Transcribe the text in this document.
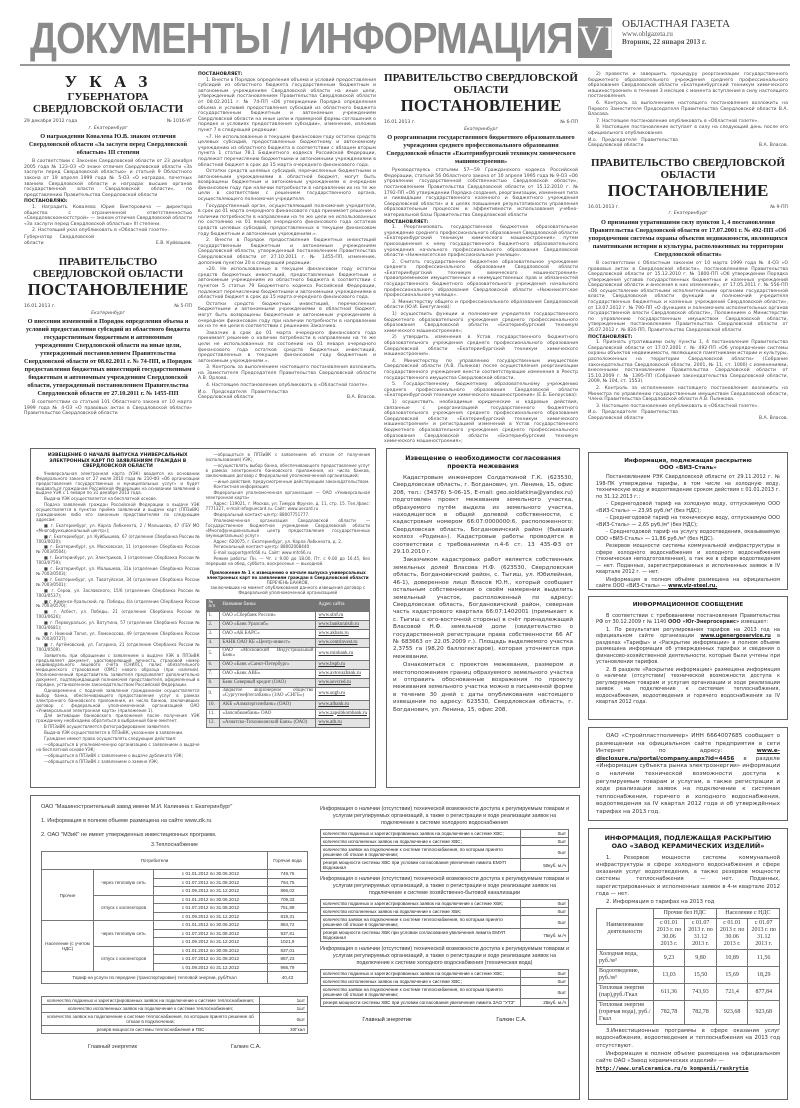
ДОКУМЕНТЫ / ИНФОРМАЦИЯ VI ОБЛАСТНАЯ ГАЗЕТА
www.oblgazeta.ru
Вторник, 22 января 2013 г.
У К А З
ГУБЕРНАТОРА СВЕРДЛОВСКОЙ ОБЛАСТИ
29 декабря 2012 года	№ 1016-УГ
г. Екатеринбург
О награждении Ковалева Ю.В. знаком отличия Свердловской области «За заслуги перед Свердловской областью» III степени
В соответствии с Законом Свердловской области от 23 декабря 2005 года № 123-ОЗ «О знаке отличия Свердловской области «За заслуги перед Свердловской областью» и статьей 9 Областного закона от 19 апреля 1999 года № 5-ОЗ «О наградах, почетных званиях Свердловской области и наградах высших органов государственной власти Свердловской области», по представлению Правительства Свердловской области
ПОСТАНОВЛЯЮ:
1. Наградить Ковалева Юрия Викторовича — директора общества с ограниченной ответственностью «Свердловскоеностстрой» — знаком отличия Свердловской области «За заслуги перед Свердловской областью» III степени.
2. Настоящий указ опубликовать в «Областной газете».
Губернатор Свердловской области	Е.В. Куйвашев.
ПРАВИТЕЛЬСТВО СВЕРДЛОВСКОЙ ОБЛАСТИ
ПОСТАНОВЛЕНИЕ
16.01.2013 г.	№ 5-ПП
Екатеринбург
О внесении изменений в Порядок определения объема и условий предоставления субсидий из областного бюджета государственным бюджетным и автономным учреждениям Свердловской области на иные цели, утвержденный постановлением Правительства Свердловской области от 08.02.2011 г. № 74-ПП, и Порядок предоставления бюджетных инвестиций государственным бюджетным и автономным учреждениям Свердловской области, утвержденный постановлением Правительства Свердловской области от 27.10.2011 г. № 1455-ПП
В соответствии со статьей 101 Областного закона от 10 марта 1999 года № 4-ОЗ «О правовых актах в Свердловской области» Правительство Свердловской области
ПОСТАНОВЛЯЕТ:
1. Внести в Порядок определения объема и условий предоставления субсидий из областного бюджета государственным бюджетным и автономным учреждениям Свердловской области на иные цели, утвержденный постановлением Правительства Свердловской области от 08.02.2011 г. № 74-ПП «Об утверждении Порядка определения объема и условий предоставления субсидий из областного бюджета государственным бюджетным и автономным учреждениям Свердловской области на иные цели и примерной формы соглашения о порядке и условиях предоставления субсидии», изменение, изложив пункт 7 в следующей редакции:
«7. Не использованные в текущем финансовом году остатки средств целевых субсидий, предоставленных бюджетному и автономному учреждению из областного бюджета в соответствии с абзацем вторым пункта 1 статьи 78.1 Бюджетного кодекса Российской Федерации, подлежат перечислению бюджетными и автономными учреждениями в областной бюджет в срок до 15 марта очередного финансового года.
Остатки средств целевых субсидий, перечисленные бюджетными и автономными учреждениями в областной бюджет, могут быть возвращены бюджетным и автономным учреждениям в очередном финансовом году при наличии потребности в направлении их на те же цели в соответствии с решением государственного органа, осуществляющего полномочия учредителя.
Государственный орган, осуществляющий полномочия учредителя, в срок до 01 марта очередного финансового года принимает решение о наличии потребности в направлении на те же цели не использованных по состоянию на 01 января очередного финансового года остатков средств целевых субсидий, предоставленных в текущем финансовом году бюджетным и автономным учреждениям.».
2. Внести в Порядок предоставления бюджетных инвестиций государственным бюджетным и автономным учреждениям Свердловской области, утвержденный постановлением Правительства Свердловской области от 27.10.2011 г. № 1455-ПП, изменение, дополнив пунктом 20 в следующей редакции:
«20. Не использованные в текущем финансовом году остатки средств бюджетных инвестиций, предоставленные бюджетным и автономным учреждениям из областного бюджета в соответствии с пунктом 5 статьи 79 Бюджетного кодекса Российской Федерации, подлежат перечислению бюджетными и автономными учреждениями в областной бюджет в срок до 15 марта очередного финансового года.
Остатки средств бюджетных инвестиций, перечисленные бюджетными и автономными учреждениями в областной бюджет, могут быть возвращены бюджетным и автономным учреждениям в очередном финансовом году при наличии потребности в направлении их на те же цели в соответствии с решением Заказчика.
Заказчик в срок до 01 марта очередного финансового года принимает решение о наличии потребности в направлении на те же цели не использованных по состоянию на 01 января очередного финансового года остатков средств бюджетных инвестиций, предоставленных в текущем финансовом году бюджетным и автономным учреждениям.».
3. Контроль за выполнением настоящего постановления возложить на Заместителя Председателя Правительства Свердловской области А.В. Орлова.
4. Настоящее постановление опубликовать в «Областной газете».
И.о. Председателя Правительства Свердловской области	В.А. Власов.
ПРАВИТЕЛЬСТВО СВЕРДЛОВСКОЙ ОБЛАСТИ
ПОСТАНОВЛЕНИЕ
16.01.2013 г.	№ 6-ПП
Екатеринбург
О реорганизации государственного бюджетного образовательного учреждения среднего профессионального образования Свердловской области «Екатеринбургский техникум химического машиностроения»
Руководствуясь статьями 57—59 Гражданского кодекса Российской Федерации, статьей 56 Областного закона от 10 апреля 1995 года № 9-ОЗ «Об управлении государственной собственностью Свердловской области», постановлением Правительства Свердловской области от 15.12.2010 г. № 1792-ПП «Об утверждении Порядка создания, реорганизации, изменения типа и ликвидации государственного казенного и бюджетного учреждения Свердловской области» и в целях повышения результативности управления образовательным процессом и эффективности использования учебно-материальной базы Правительство Свердловской области
ПОСТАНОВЛЯЕТ:
1. Реорганизовать государственное бюджетное образовательное учреждение среднего профессионального образования Свердловской области «Екатеринбургский техникум химического машиностроения» путем присоединения к нему государственного бюджетного образовательного учреждения начального профессионального образования Свердловской области «Нижнеисетское профессиональное училище».
2. Считать государственное бюджетное образовательное учреждение среднего профессионального образования Свердловской области «Екатеринбургский техникум химического машиностроения» правопреемником имущественных и неимущественных прав и обязанностей государственного бюджетного образовательного учреждения начального профессионального образования Свердловской области «Нижнеисетское профессиональное училище».
3. Министерству общего и профессионального образования Свердловской области (Ю.И. Биктуганов):
1) осуществить функции и полномочия учредителя государственного бюджетного образовательного учреждения среднего профессионального образования Свердловской области «Екатеринбургский техникум химического машиностроения»;
2) утвердить изменения в Устав государственного бюджетного образовательного учреждения среднего профессионального образования Свердловской области «Екатеринбургский техникум химического машиностроения».
4. Министерству по управлению государственным имуществом Свердловской области (А.В. Пьянков) после осуществления реорганизации государственного учреждения внести соответствующие изменения в Реестр государственного имущества Свердловской области.
5. Государственному бюджетному образовательному учреждению среднего профессионального образования Свердловской области «Екатеринбургский техникум химического машиностроения» (Е.Б. Белоусова):
1) осуществить необходимые юридические и кадровые действия, связанные с реорганизацией государственного бюджетного образовательного учреждения среднего профессионального образования Свердловской области «Екатеринбургский техникум химического машиностроения» и регистрацией изменений в Устав государственного бюджетного образовательного учреждения среднего профессионального образования Свердловской области «Екатеринбургский техникум химического машиностроения»;
2) провести и завершить процедуру реорганизации государственного бюджетного образовательного учреждения среднего профессионального образования Свердловской области «Екатеринбургский техникум химического машиностроения» в течение 3 месяцев с момента вступления в силу настоящего постановления.
6. Контроль за выполнением настоящего постановления возложить на Первого Заместителя Председателя Правительства Свердловской области В.А. Власова.
7. Настоящее постановление опубликовать в «Областной газете».
8. Настоящее постановление вступает в силу на следующий день после его официального опубликования.
И.о. Председателя Правительства Свердловской области	В.А. Власов.
ПРАВИТЕЛЬСТВО СВЕРДЛОВСКОЙ ОБЛАСТИ
ПОСТАНОВЛЕНИЕ
16.01.2013 г.	№ 9-ПП
г. Екатеринбург
О признании утратившими силу пунктов 1, 4 постановления Правительства Свердловской области от 17.07.2001 г. № 492-ПП «Об упорядочении системы охраны объектов недвижимости, являющихся памятниками истории и культуры, расположенных на территории Свердловской области»
В соответствии с Областным законом от 10 марта 1999 года № 4-ОЗ «О правовых актах в Свердловской области», постановлениями Правительства Свердловской области от 15.12.2010 г. № 1800-ПП «Об утверждении Порядка утверждения уставов государственных бюджетных и казенных учреждений Свердловской области и внесения в них изменений», от 17.05.2011 г. № 556-ПП «Об осуществлении областными исполнительными органами государственной власти Свердловской области функций и полномочий учредителя государственных бюджетных и казенных учреждений Свердловской области», от 13.07.2012 г. № 790-ПП «О функциях и полномочиях исполнительных органов государственной власти Свердловской области», Положением о Министерстве по управлению государственным имуществом Свердловской области, утвержденным постановлением Правительства Свердловской области от 26.07.2012 г. № 824-ПП, Правительство Свердловской области
ПОСТАНОВЛЯЕТ:
1. Признать утратившими силу пункты 1, 4 постановления Правительства Свердловской области от 17.07.2001 г. № 492-ПП «Об упорядочении системы охраны объектов недвижимости, являющихся памятниками истории и культуры, расположенных на территории Свердловской области» (Собрание законодательства Свердловской области, 2001, № 11, ст. 1000) с изменениями, внесенными постановлением Правительства Свердловской области от 15.10.2009 г. № 1395-ПП (Собрание законодательства Свердловской области, 2009, № 104, ст. 1553).
2. Контроль за исполнением настоящего постановления возложить на Министра по управлению государственным имуществом Свердловской области, Члена Правительства Свердловской области А.В. Пьянкова.
3. Настоящее постановление опубликовать в «Областной газете».
И.о. Председателя Правительства Свердловской области	В.А. Власов.
ИЗВЕЩЕНИЕ О НАЧАЛЕ ВЫПУСКА УНИВЕРСАЛЬНЫХ ЭЛЕКТРОННЫХ КАРТ ПО ЗАЯВЛЕНИЯМ ГРАЖДАН В СВЕРДЛОВСКОЙ ОБЛАСТИ
Универсальная электронная карта (УЭК) вводится на основании Федерального закона от 27 июля 2010 года № 210-ФЗ «Об организации предоставления государственных и муниципальных услуг» и будет выдаваться гражданам Российской Федерации на основании заявлений о выдаче УЭК с 1 января по 31 декабря 2013 года.
Выдача УЭК осуществляется на бесплатной основе.
Подача заявлений граждан Российской Федерации о выдаче УЭК осуществляется в пунктах приёма заявлений и выдачи карт (ППЗиВК) гражданином либо его законным представителем по следующим адресам:
■ г. Екатеринбург, ул. Карла Либкнехта, 2 / Малышева, 47 (ГБУ МО «Многофункциональный центр»);
■ г. Екатеринбург, ул. Куйбышева, 67 (отделение Сбербанка России № 7003/0020);
■ г. Екатеринбург, ул. Московская, 11 (отделение Сбербанка России № 7003/0504);
■ г. Екатеринбург, ул. Электриков, 3 (отделение Сбербанка России № 7003/0759);
■ г. Екатеринбург, ул. Малышева, 31в (отделение Сбербанка России № 7003/0503);
■ г. Екатеринбург, ул. Таватуйская, 34 (отделение Сбербанка России № 7003/0501);
■ г. Серов, ул. Заславского, 15/б (отделение Сбербанка России № 7003/0537);
■ г. Каменск-Уральский, пр. Победы, 4/а (отделение Сбербанка России № 7003/0570);
■ г. Асбест, ул. Победы, 21 (отделение Сбербанка России № 7003/0626);
■ г. Первоуральск, ул. Ватутина, 57 (отделение Сбербанка России № 7003/0681);
■ г. Нижний Тагил, ул. Ломоносова, 49 (отделение Сбербанка России № 7003/0727);
■ г. Артёмовский, ул. Гагарина, 21 (отделение Сбербанка России № 7003/0509).
Заявитель при обращении с заявлением о выдаче УЭК в ППЗиВК предъявляет документ, удостоверяющий личность, страховой номер индивидуального лицевого счёта (СНИЛС), полис обязательного медицинского страхования (ОМС) нового образца (при наличии). Уполномоченный представитель заявителя предъявляет дополнительно документ, подтверждающий полномочия представителя, оформленный в порядке, установленном законодательством Российской Федерации.
Одновременно с подачей заявления гражданином осуществляется выбор банка, обеспечивающего предоставление услуг в рамках электронного банковского приложения, из числа банков, заключивших договор с федеральной уполномоченной организацией ОАО «Универсальная электронная карта» (приложение 1).
Для активации банковского приложения после получения УЭК гражданину необходимо обратиться в выбранный банк-эмитент.
В ППЗиВК осуществляется фотографирование заявителя.
Выдача УЭК осуществляется в ППЗиВК, указанном в заявлении.
Граждане имеют право осуществлять следующие действия:
—обращаться в уполномоченную организацию с заявлением о выдаче на бесплатной основе УЭК;
—обращаться в ППЗиВК с заявлением о выдаче дубликата УЭК;
—обращаться в ППЗиВК с заявлением о замене УЭК;
—обращаться в ППЗиВК с заявлением об отказе от получения (использования) УЭК;
—осуществлять выбор банка, обеспечивающего предоставление услуг в рамках электронного банковского приложения, из числа банков, заключивших договор с Федеральной уполномоченной организацией;
—иные действия, предусмотренные действующим законодательством.
Контактная информация:
Федеральная уполномоченная организация — ОАО «Универсальная электронная карта»
Адрес: 119021, г. Москва, ул. Тимура Фрунзе, д. 11, стр. 15. Тел./факс: 7771327, e-mail:info@uecard.ru. Сайт: www.uecard.ru
Федеральный контакт-центр: 88007751777.
Уполномоченная организация Свердловской области — Государственное бюджетное учреждение Свердловской области «Многофункциональный центр предоставления государственных (муниципальных) услуг»
Адрес: 620075, г. Екатеринбург, ул. Карла Либкнехта, д. 2.
Региональный контакт-центр: 88002008440
E-mail:support@mfc66.ru. Сайт: www.mfc66.ru
Режим работы: Пн. — Чт. с 9.00 до 18.00, Пт. с 9.00 до 16.45, без перерыва на обед, суббота, воскресенье — выходной.
Приложение № 1 к извещению о начале выпуска универсальных электронных карт по заявлениям граждан в Свердловской области
ПЕРЕЧЕНЬ БАНКОВ,
заключивших на момент опубликования данного извещения договор с Федеральной уполномоченной организацией
№ п/п	Название банка	Адрес сайта
1.	ОАО «Сбербанк России»	www.sbrf.ru
2.	ОАО «Банк Уралсиб»	www.bankuralsib.ru
3.	ОАО «АК БАРС»	www.akbars.ru
4.	БАНК ОАО КБ «Центр-инвест»	www.centrinvest.ru
5.	ОАО «Московский Индустриальный Банк»	www.minbank.ru
6.	ОАО «Банк «Санкт-Петербург»	www.bspb.ru
7.	ОАО «Банк АВБ»	www.avtovazbank.ru
8.	Банк Северный кредит (ОАО)	www.sevcred.ru
9.	Закрытое акционерное общество «Сургутнефтегазбанк» (ЗАО «СНГБ»)	www.sngb.ru
10.	АКБ «Алмазэргиэнбанк» (ОАО)	www.albank.ru
11.	«Запсибкомбанк» ОАО	www.zapsibkombank.ru
12.	«Азиатско-Тихоокеанский Банк» (ОАО)	www.atb.ru
Извещение о необходимости согласования проекта межевания
Кадастровым инженером Солдаткиной Г.К. (623530, Свердловская область, г. Богданович, ул. Ленина, 15, офис 208, тел.: (34376) 5-06-15, E-mail: geo.soldatkina@yandex.ru) подготовлен проект межевания земельного участка, образуемого путём выдела из земельного участка, находящегося в общей долевой собственности, с кадастровым номером 66:07:0000000:6, расположенного: Свердловская область, Богдановичский район (бывший колхоз «Родина»). Кадастровые работы проводятся в соответствии с требованиями п.4-6 ст. 13 435-ФЗ от 29.10.2010 г.
Заказчиком кадастровых работ является собственник земельных долей Власова Н.Ф. (623530, Свердловская область, Богдановичский район, с. Тыгиш, ул. Юбилейная, 46-1), доверенное лицо Власов Ю.Н., который сообщает остальным собственникам о своём намерении выделить земельный участок, расположенный по адресу: Свердловская область, Богдановичский район, северная часть кадастрового квартала 66:07:1402001 (примыкает к с. Тыгиш с юго-восточной стороны) в счёт принадлежащей Власовой Н.Ф. земельной доли (свидетельство о государственной регистрации права собственности 66 АГ № 683663 от 22.05.2009 г.). Площадь выделяемого участка 2,3755 га (98,20 баллогектаров), которая уточняется при межевании.
Ознакомиться с проектом межевания, размером и местоположением границ образуемого земельного участка и отправить обоснованные возражения по проекту межевания земельного участка можно в письменной форме в течение 30 дней с даты опубликования настоящего извещения по адресу: 623530, Свердловская область, г. Богданович, ул. Ленина, 15, офис 208.
Информация, подлежащая раскрытию
ООО «ВИЗ-Сталь»
Постановлением РЭК Свердловской области от 29.11.2012 г. № 198-ПК утверждены тарифы, в том числе на холодную воду, техническую воду и водоотведение сроком действия с 01.01.2013 г. по 31.12.2013 г.:
- Среднегодовой тариф на холодную воду, отпускаемую ООО «ВИЗ-Сталь» — 23,95 руб./м³ (без НДС);
- Среднегодовой тариф на техническую воду, отпускаемую ООО «ВИЗ-Сталь» — 2,65 руб./м³ (без НДС);
- Среднегодовой тариф на услугу водоотведения, оказываемую ООО «ВИЗ-Сталь» — 11,86 руб./м³ (без НДС).
Резервов мощности системы коммунальной инфраструктуры в сфере холодного водоснабжения и холодного водоснабжения (техническая неподготовленная), а так же в сфере водоотведения — нет. Поданных, зарегистрированных и исполненных заявок в IV квартале 2012 г. — нет.
Информация в полном объёме размещена на официальном сайте ООО «ВИЗ-Сталь» — www.viz-steel.ru.
ИНФОРМАЦИОННОЕ СООБЩЕНИЕ
В соответствии с требованиями постановления Правительства РФ от 30.12.2009 г № 1140 ООО «Юг-Энергосервис» извещает:
1. По результатам регулирования тарифов на 2013 год на официальном сайте организации www.ugenergoservice.ru в разделах «Тарифы» и «Раскрытие информации» в полном объеме размещена информация об утвержденных тарифах и сведения о финансово-хозяйственной деятельности, которые были учтены при установлении тарифов.
2. В разделе «Раскрытие информации» размещена информация о наличии (отсутствии) технической возможности доступа к регулируемым товарам и услугам организации и ходе реализации заявок на подключение к системам теплоснабжения, водоснабжения, водоотведения и горячего водоснабжения за IV квартал 2012 года.
ОАО «Стройпластполимер» ИНН 6664007685 сообщает о размещении на официальном сайте предприятия в сети Интернет по адресу:	www.e-disclosure.ru/portal/company.aspx?id=4456 в разделе «Информация субъекта рынка электроэнергии» информации о наличии технической возможности доступа к регулируемым товарам и услугам, а также регистрации и ходе реализации заявок на подключение к системам теплоснабжения, горячего и холодного водоснабжения, водоотведения за IV квартал 2012 года и об утверждённых тарифах на 2013 год.
ИНФОРМАЦИЯ, ПОДЛЕЖАЩАЯ РАСКРЫТИЮ ОАО «ЗАВОД КЕРАМИЧЕСКИХ ИЗДЕЛИЙ»
1. Резервов мощности системы коммунальной инфраструктуры в сфере холодного водоснабжения и сфере оказания услуг водоотведения, а также резервов мощности системы теплоснабжения — нет. Поданных, зарегистрированных и исполненных заявок в 4-м квартале 2012 года — нет.
2. Информация о тарифах на 2013 год
Наименование деятельности	Прочие без НДС		Население с НДС	
	с 01.01 2013 г. по 30.06 2013 г.	с 01.07 2013 г. по 31.12 2013 г.	с 01.01 2013 г. по 30.06 2013 г.	с 01.07 2013 г. по 31.12 2013 г.
Холодная вода, руб./м³	9,23	9,80	10,89	11,56
Водоотведение, руб./м³	13,03	15,50	15,69	18,29
Тепловая энергия (пар),руб./Гкал	611,36	743,93	721,4	877,84
Тепловая энергия (горячая вода), руб./Гкал	782,78	782,78	923,68	923,68
3.Инвестиционные программы в сфере оказания услуг водоснабжения, водоотведения и теплоснабжения на 2013 год отсутствуют.
Информация в полном объеме размещена на официальном сайте ОАО «Завод керамических изделий» —
http://www.uralceramica.ru/o_kompanii/raskrytie
ОАО "Машиностроительный завод имени М.И. Калинина г. Екатеринбург"
1. Информация в полном объеме размещена на сайте www.zik.ru
2. ОАО "МЗиК" не имеет утвержденных инвестиционных программ.
3.Теплоснабжение
Потребители			Горячая вода
Прочие	через тепловую сеть	с 01.01.2012 по 30.06.2012	749,76
		с 01.07.2012 по 31.08.2012	794,75
		с 01.09.2012 по 31.12.2012	866,02
	отпуск с коллекторов	с 01.01.2012 по 30.06.2012	709,33
		с 01.07.2012 по 31.08.2012	751,89
		с 01.09.2012 по 31.12.2012	819,31
Население (с учетом НДС)	через тепловую сеть	с 01.01.2012 по 30.06.2012	884,72
		с 01.07.2012 по 31.08.2012	937,81
		с 01.09.2012 по 31.12.2012	1021,9
	отпуск с коллекторов	с 01.01.2012 по 30.06.2012	837,01
		с 01.07.2012 по 31.08.2012	887,23
		с 01.09.2012 по 31.12.2012	966,79
Тариф на услуги по передаче (транспортировке) тепловой энергии, руб/Гкал			40,43
количество поданных и зарегистрированных заявок на подключение к системе теплоснабжения;	1шт
количество исполненных заявок на подключение к системе теплоснабжения;	1шт
количество заявок на подключение к системе теплоснабжения, по которым принято решение об отказе в подключении;	0шт
резерв мощности системы теплоснабжения и ГВС	30Гкал
Главный энергетик	Галкин С.А.
Информация о наличии (отсутствии) технической возможности доступа к регулируемым товарам и услугам регулируемых организаций, а также о регистрации и ходе реализации заявок на подключение к системе холодного водоснабжения
количество поданных и зарегистрированных заявок на подключение к системе ХВС;	0шт
количество исполненных заявок на подключение к системе ХВС;	0шт
количество заявок на подключение к системе теплоснабжения, по которым принято решение об отказе в подключении;	0шт
резерв мощности системы ХВС при условии согласования увеличения лимита ЕМУП Водоканал	50куб. м./ч
Информация о наличии (отсутствии) технической возможности доступа к регулируемым товарам и услугам регулируемых организаций, а также о регистрации и ходе реализации заявок на подключение к системе хозяйственно-бытовой канализации
количество поданных и зарегистрированных заявок на подключение к системе ХБК;	0шт
количество исполненных заявок на подключение к системе ХБК;	0шт
количество заявок на подключение к системе теплоснабжения, по которым принято решение об отказе в подключении;	0шт
резерв мощности системы ХБК при условии согласования увеличения лимита ЕМУП Водоканал	75куб. м./ч
Информация о наличии (отсутствии) технической возможности доступа к регулируемым товарам и услугам регулируемых организаций, а также о регистрации и ходе реализации заявок на подключение к системе холодного водоснабжения (техническая вода)
количество поданных и зарегистрированных заявок на подключение к системе ХВС;	0шт
количество исполненных заявок на подключение к системе ХВС;	0шт
количество заявок на подключение к системе теплоснабжения, по которым принято решение об отказе в подключении;	0шт
резерв мощности системы ХВС при условии согласования увеличения лимита ЗАО "УТЗ"	25куб. м./ч
Главный энергетик	Галкин С.А.
